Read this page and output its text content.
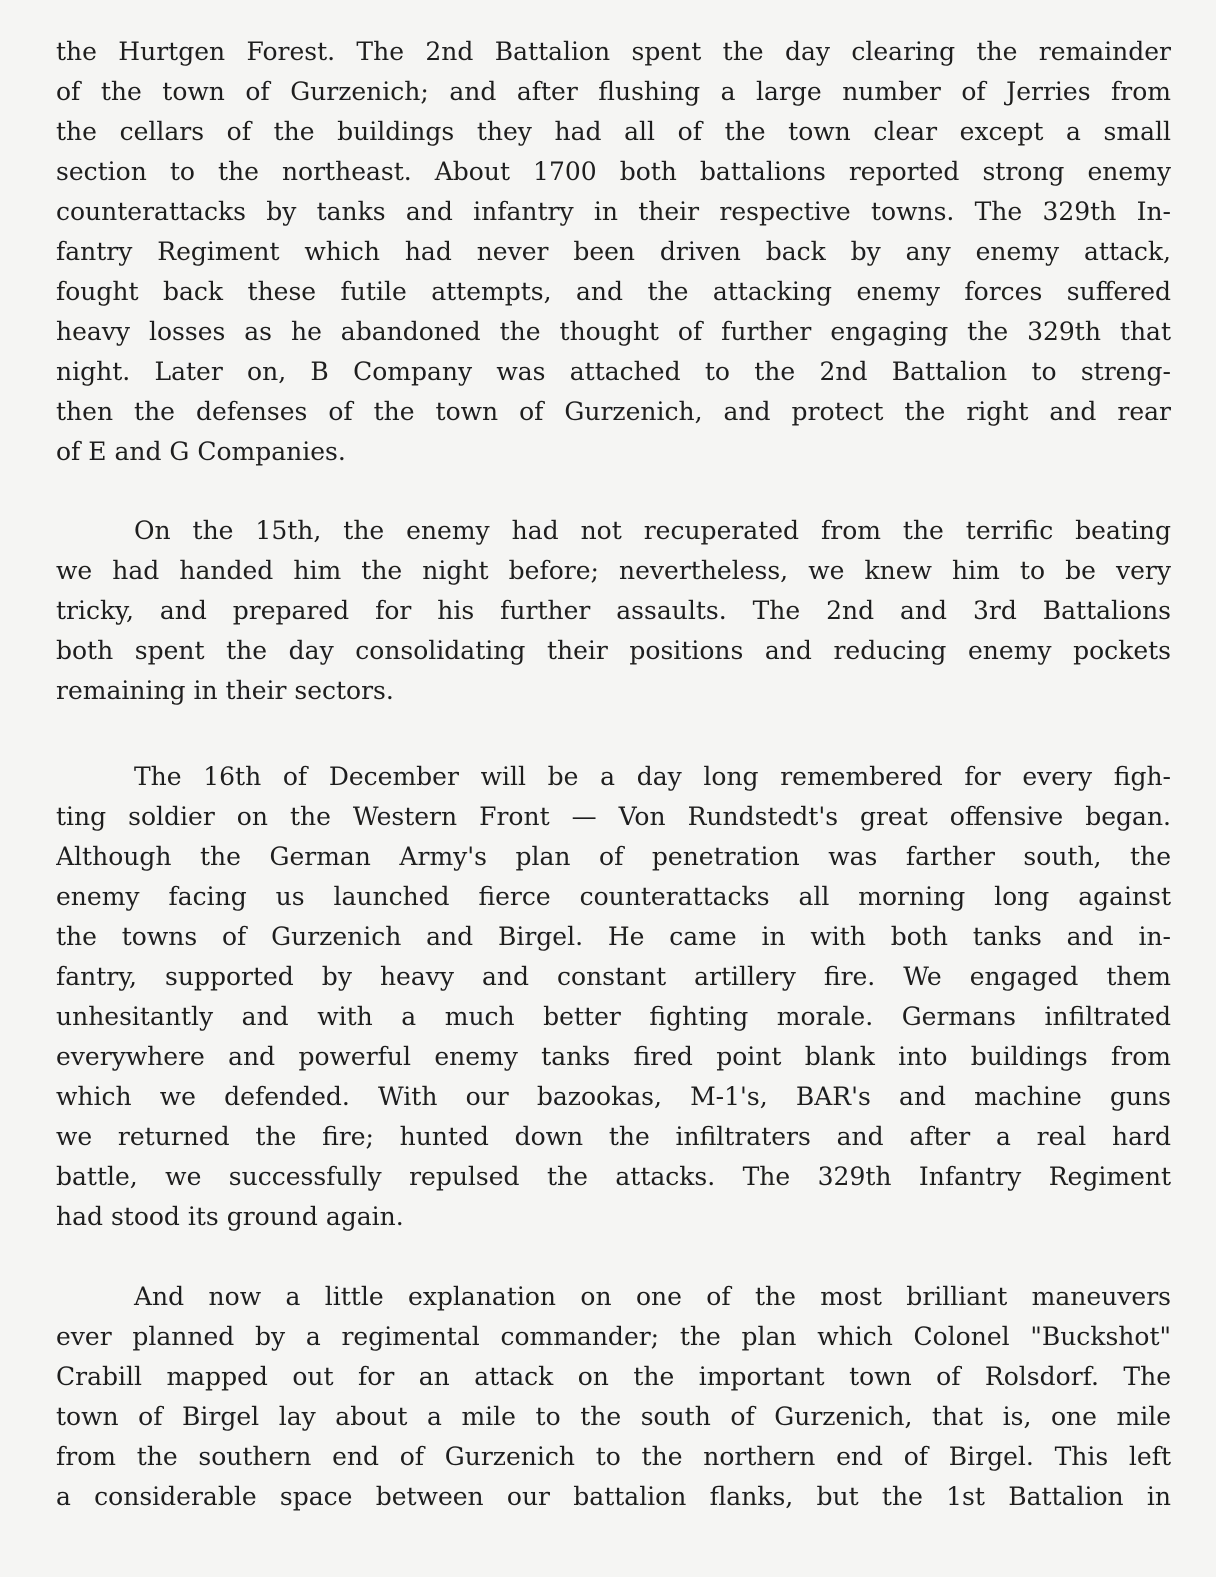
the Hurtgen Forest. The 2nd Battalion spent the day clearing the remainder
of the town of Gurzenich; and after flushing a large number of Jerries from
the cellars of the buildings they had all of the town clear except a small
section to the northeast. About 1700 both battalions reported strong enemy
counterattacks by tanks and infantry in their respective towns. The 329th In-
fantry Regiment which had never been driven back by any enemy attack,
fought back these futile attempts, and the attacking enemy forces suffered
heavy losses as he abandoned the thought of further engaging the 329th that
night. Later on, B Company was attached to the 2nd Battalion to streng-
then the defenses of the town of Gurzenich, and protect the right and rear
of E and G Companies.
On the 15th, the enemy had not recuperated from the terrific beating
we had handed him the night before; nevertheless, we knew him to be very
tricky, and prepared for his further assaults. The 2nd and 3rd Battalions
both spent the day consolidating their positions and reducing enemy pockets
remaining in their sectors.
The 16th of December will be a day long remembered for every figh-
ting soldier on the Western Front — Von Rundstedt's great offensive began.
Although the German Army's plan of penetration was farther south, the
enemy facing us launched fierce counterattacks all morning long against
the towns of Gurzenich and Birgel. He came in with both tanks and in-
fantry, supported by heavy and constant artillery fire. We engaged them
unhesitantly and with a much better fighting morale. Germans infiltrated
everywhere and powerful enemy tanks fired point blank into buildings from
which we defended. With our bazookas, M-1's, BAR's and machine guns
we returned the fire; hunted down the infiltraters and after a real hard
battle, we successfully repulsed the attacks. The 329th Infantry Regiment
had stood its ground again.
And now a little explanation on one of the most brilliant maneuvers
ever planned by a regimental commander; the plan which Colonel "Buckshot"
Crabill mapped out for an attack on the important town of Rolsdorf. The
town of Birgel lay about a mile to the south of Gurzenich, that is, one mile
from the southern end of Gurzenich to the northern end of Birgel. This left
a considerable space between our battalion flanks, but the 1st Battalion in
